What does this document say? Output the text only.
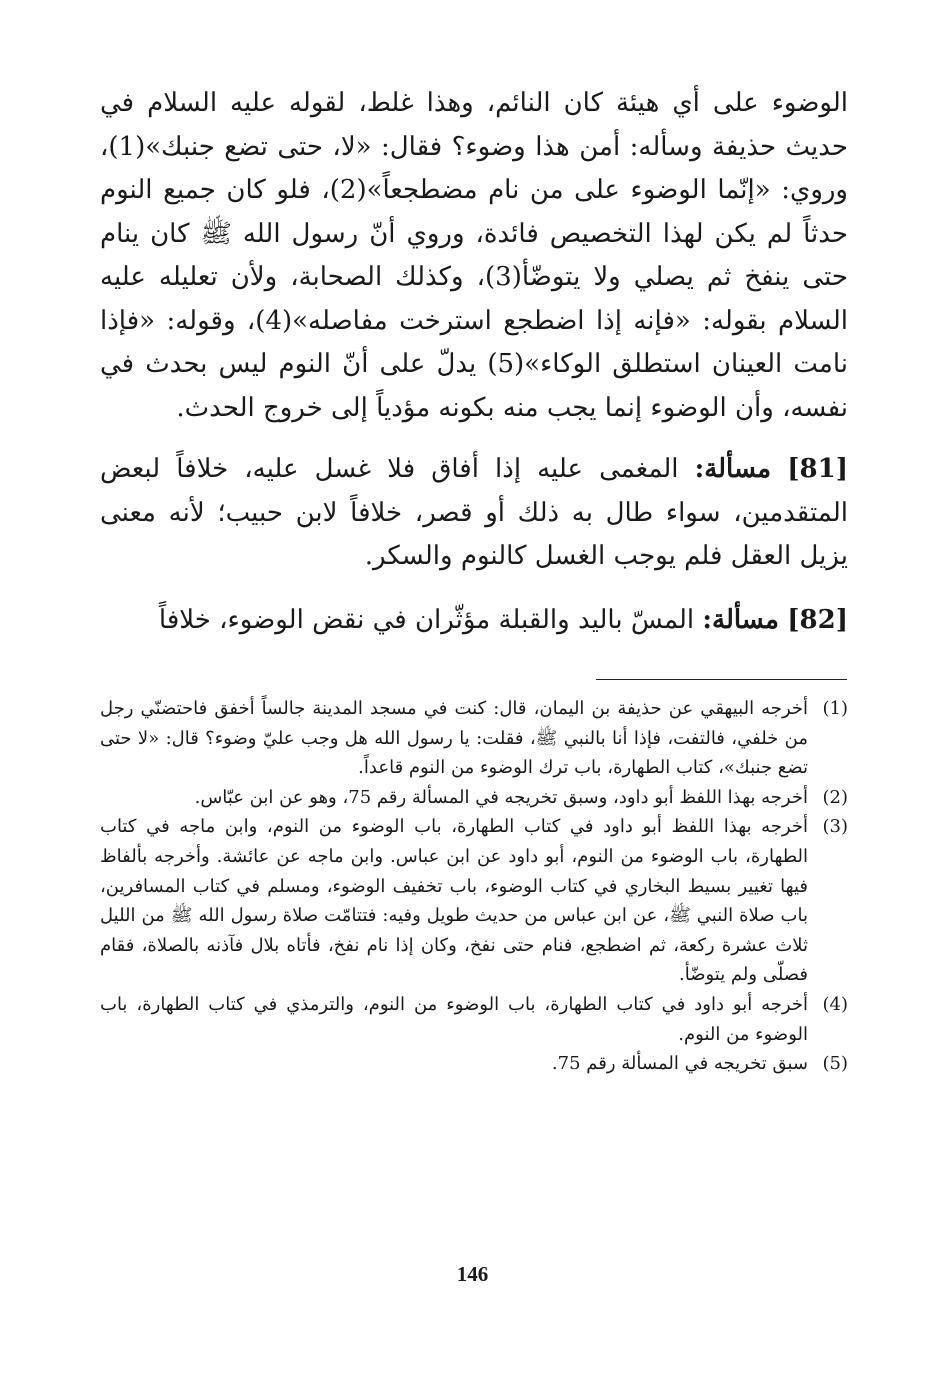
الوضوء على أي هيئة كان النائم، وهذا غلط، لقوله عليه السلام في حديث حذيفة وسأله: أمن هذا وضوء؟ فقال: «لا، حتى تضع جنبك»(1)، وروي: «إنّما الوضوء على من نام مضطجعاً»(2)، فلو كان جميع النوم حدثاً لم يكن لهذا التخصيص فائدة، وروي أنّ رسول الله ﷺ كان ينام حتى ينفخ ثم يصلي ولا يتوضّأ(3)، وكذلك الصحابة، ولأن تعليله عليه السلام بقوله: «فإنه إذا اضطجع استرخت مفاصله»(4)، وقوله: «فإذا نامت العينان استطلق الوكاء»(5) يدلّ على أنّ النوم ليس بحدث في نفسه، وأن الوضوء إنما يجب منه بكونه مؤدياً إلى خروج الحدث.

[81] مسألة: المغمى عليه إذا أفاق فلا غسل عليه، خلافاً لبعض المتقدمين، سواء طال به ذلك أو قصر، خلافاً لابن حبيب؛ لأنه معنى يزيل العقل فلم يوجب الغسل كالنوم والسكر.

[82] مسألة: المسّ باليد والقبلة مؤثّران في نقض الوضوء، خلافاً

(1)
أخرجه البيهقي عن حذيفة بن اليمان، قال: كنت في مسجد المدينة جالساً أخفق فاحتضنّي رجل من خلفي، فالتفت، فإذا أنا بالنبي ﷺ، فقلت: يا رسول الله هل وجب عليّ وضوء؟ قال: «لا حتى تضع جنبك»، كتاب الطهارة، باب ترك الوضوء من النوم قاعداً.
(2)
أخرجه بهذا اللفظ أبو داود، وسبق تخريجه في المسألة رقم 75، وهو عن ابن عبّاس.
(3)
أخرجه بهذا اللفظ أبو داود في كتاب الطهارة، باب الوضوء من النوم، وابن ماجه في كتاب الطهارة، باب الوضوء من النوم، أبو داود عن ابن عباس. وابن ماجه عن عائشة. وأخرجه بألفاظ فيها تغيير بسيط البخاري في كتاب الوضوء، باب تخفيف الوضوء، ومسلم في كتاب المسافرين، باب صلاة النبي ﷺ، عن ابن عباس من حديث طويل وفيه: فتتامّت صلاة رسول الله ﷺ من الليل ثلاث عشرة ركعة، ثم اضطجع، فنام حتى نفخ، وكان إذا نام نفخ، فأتاه بلال فآذنه بالصلاة، فقام فصلّى ولم يتوضّأ.
(4)
أخرجه أبو داود في كتاب الطهارة، باب الوضوء من النوم، والترمذي في كتاب الطهارة، باب الوضوء من النوم.
(5)
سبق تخريجه في المسألة رقم 75.
146
